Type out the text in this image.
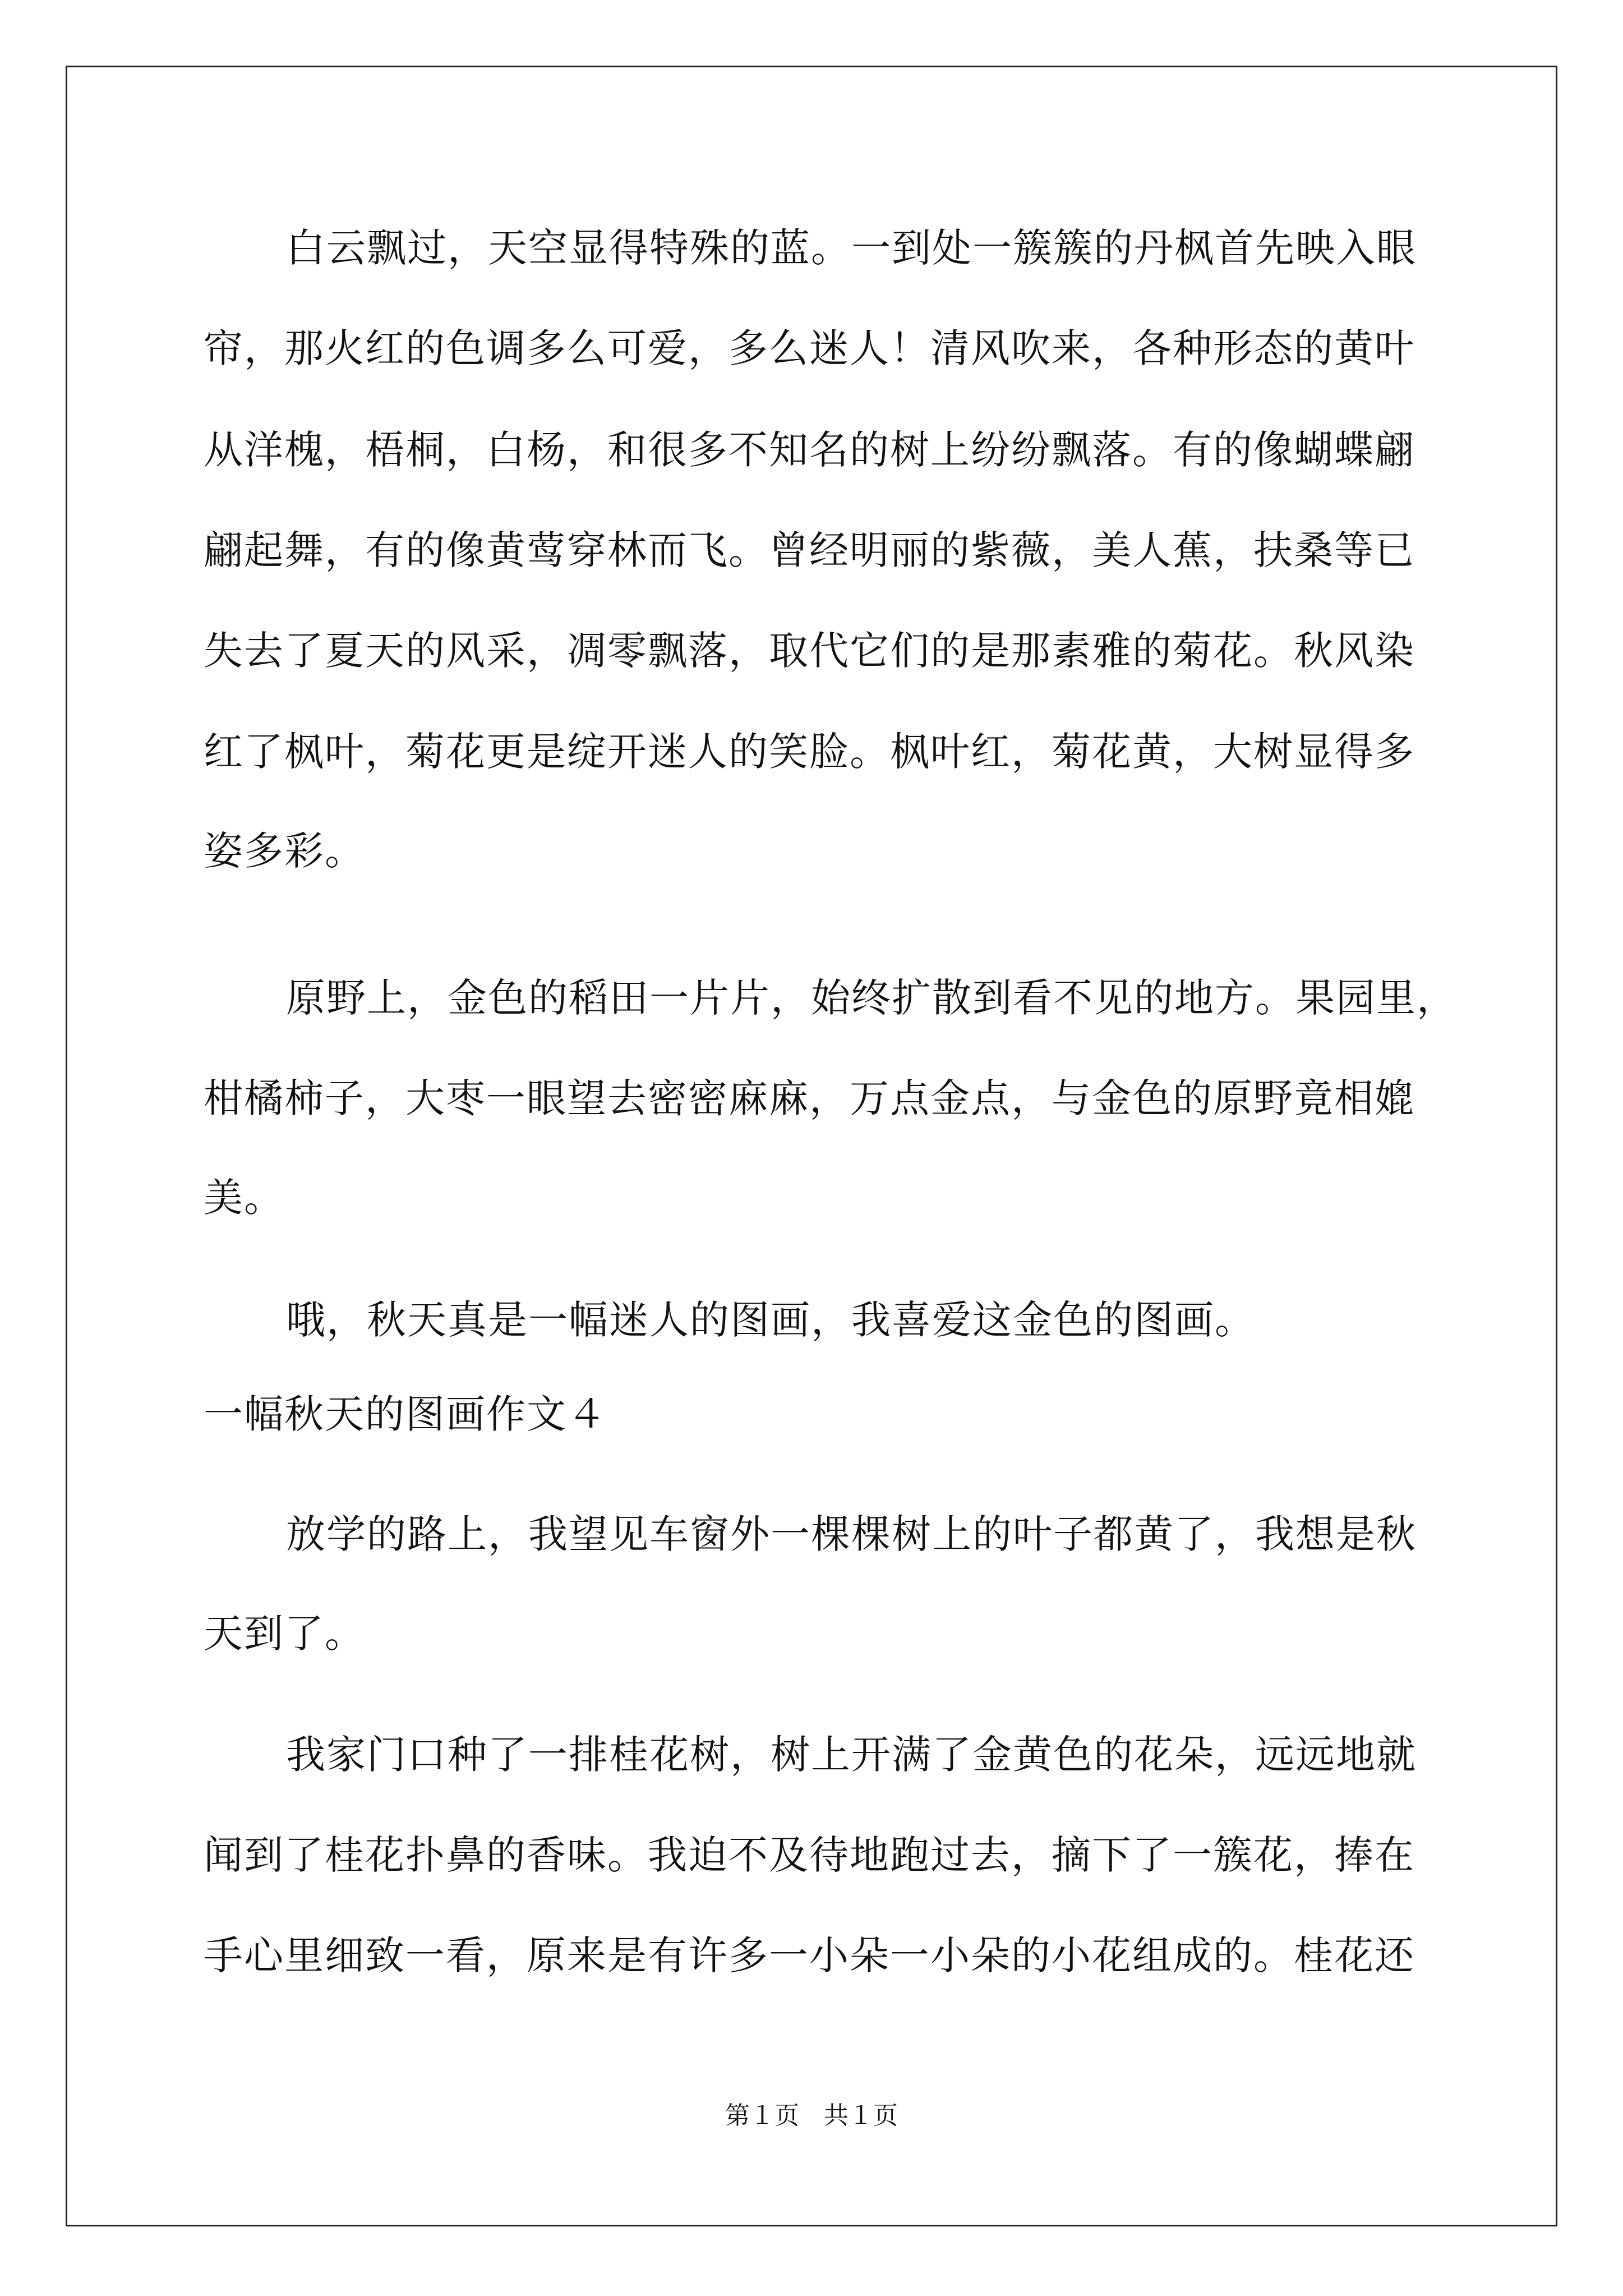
白云飘过，天空显得特殊的蓝。一到处一簇簇的丹枫首先映入眼
帘，那火红的色调多么可爱，多么迷人！清风吹来，各种形态的黄叶
从洋槐，梧桐，白杨，和很多不知名的树上纷纷飘落。有的像蝴蝶翩
翩起舞，有的像黄莺穿林而飞。曾经明丽的紫薇，美人蕉，扶桑等已
失去了夏天的风采，凋零飘落，取代它们的是那素雅的菊花。秋风染
红了枫叶，菊花更是绽开迷人的笑脸。枫叶红，菊花黄，大树显得多
姿多彩。
原野上，金色的稻田一片片，始终扩散到看不见的地方。果园里，
柑橘柿子，大枣一眼望去密密麻麻，万点金点，与金色的原野竟相媲
美。
哦，秋天真是一幅迷人的图画，我喜爱这金色的图画。
一幅秋天的图画作文４
放学的路上，我望见车窗外一棵棵树上的叶子都黄了，我想是秋
天到了。
我家门口种了一排桂花树，树上开满了金黄色的花朵，远远地就
闻到了桂花扑鼻的香味。我迫不及待地跑过去，摘下了一簇花，捧在
手心里细致一看，原来是有许多一小朵一小朵的小花组成的。桂花还
第１页　共１页
